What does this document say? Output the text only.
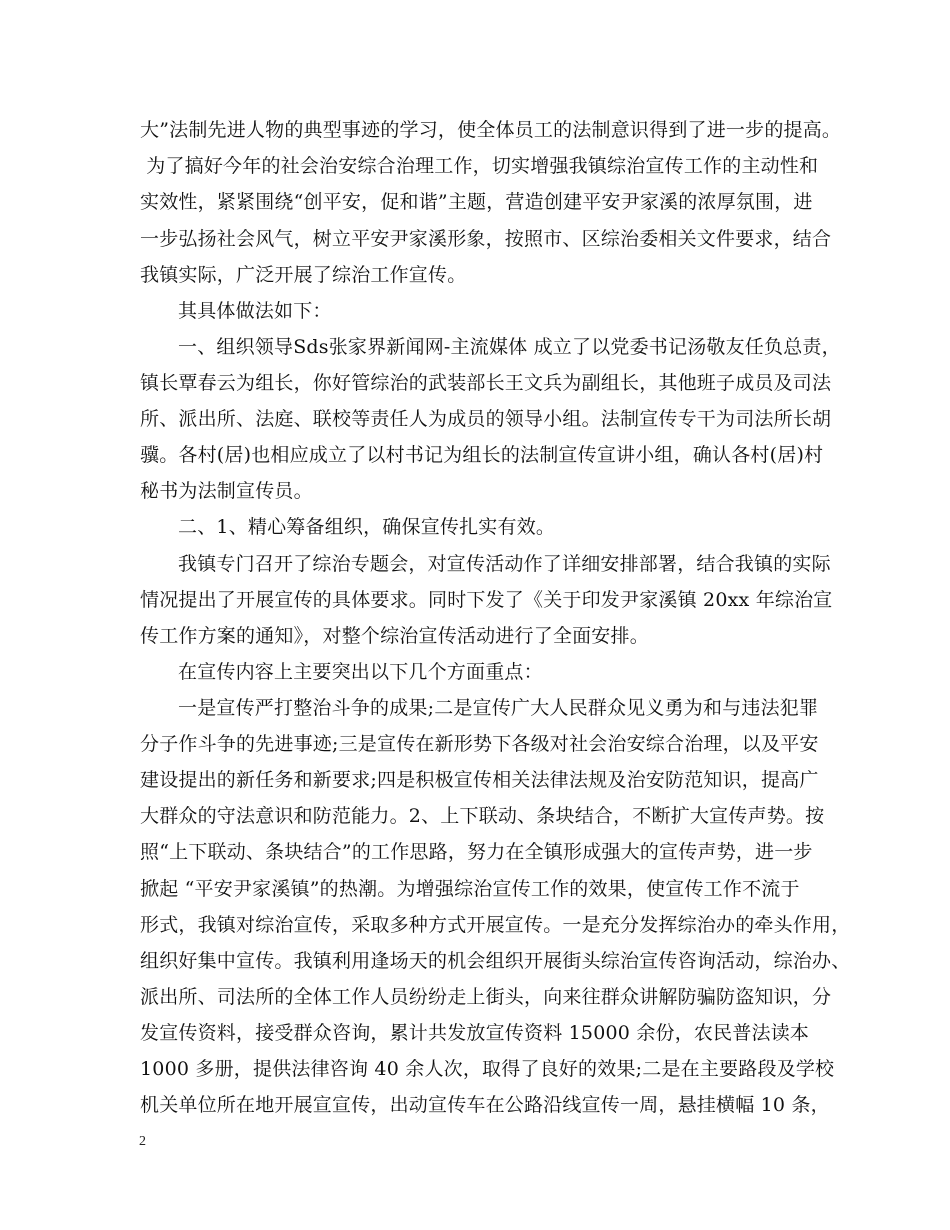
大”法制先进人物的典型事迹的学习，使全体员工的法制意识得到了进一步的提高。
为了搞好今年的社会治安综合治理工作，切实增强我镇综治宣传工作的主动性和
实效性，紧紧围绕“创平安，促和谐”主题，营造创建平安尹家溪的浓厚氛围，进
一步弘扬社会风气，树立平安尹家溪形象，按照市、区综治委相关文件要求，结合
我镇实际，广泛开展了综治工作宣传。
其具体做法如下：
一、组织领导Sds张家界新闻网-主流媒体 成立了以党委书记汤敬友任负总责，
镇长覃春云为组长，你好管综治的武装部长王文兵为副组长，其他班子成员及司法
所、派出所、法庭、联校等责任人为成员的领导小组。法制宣传专干为司法所长胡
骥。各村(居)也相应成立了以村书记为组长的法制宣传宣讲小组，确认各村(居)村
秘书为法制宣传员。
二、1、精心筹备组织，确保宣传扎实有效。
我镇专门召开了综治专题会，对宣传活动作了详细安排部署，结合我镇的实际
情况提出了开展宣传的具体要求。同时下发了《关于印发尹家溪镇 20xx 年综治宣
传工作方案的通知》，对整个综治宣传活动进行了全面安排。
在宣传内容上主要突出以下几个方面重点：
一是宣传严打整治斗争的成果;二是宣传广大人民群众见义勇为和与违法犯罪
分子作斗争的先进事迹;三是宣传在新形势下各级对社会治安综合治理，以及平安
建设提出的新任务和新要求;四是积极宣传相关法律法规及治安防范知识，提高广
大群众的守法意识和防范能力。2、上下联动、条块结合，不断扩大宣传声势。按
照“上下联动、条块结合”的工作思路，努力在全镇形成强大的宣传声势，进一步
掀起 “平安尹家溪镇”的热潮。为增强综治宣传工作的效果，使宣传工作不流于
形式，我镇对综治宣传，采取多种方式开展宣传。一是充分发挥综治办的牵头作用，
组织好集中宣传。我镇利用逢场天的机会组织开展街头综治宣传咨询活动，综治办、
派出所、司法所的全体工作人员纷纷走上街头，向来往群众讲解防骗防盗知识，分
发宣传资料，接受群众咨询，累计共发放宣传资料 15000 余份，农民普法读本
1000 多册，提供法律咨询 40 余人次，取得了良好的效果;二是在主要路段及学校
机关单位所在地开展宣宣传，出动宣传车在公路沿线宣传一周，悬挂横幅 10 条，
2
